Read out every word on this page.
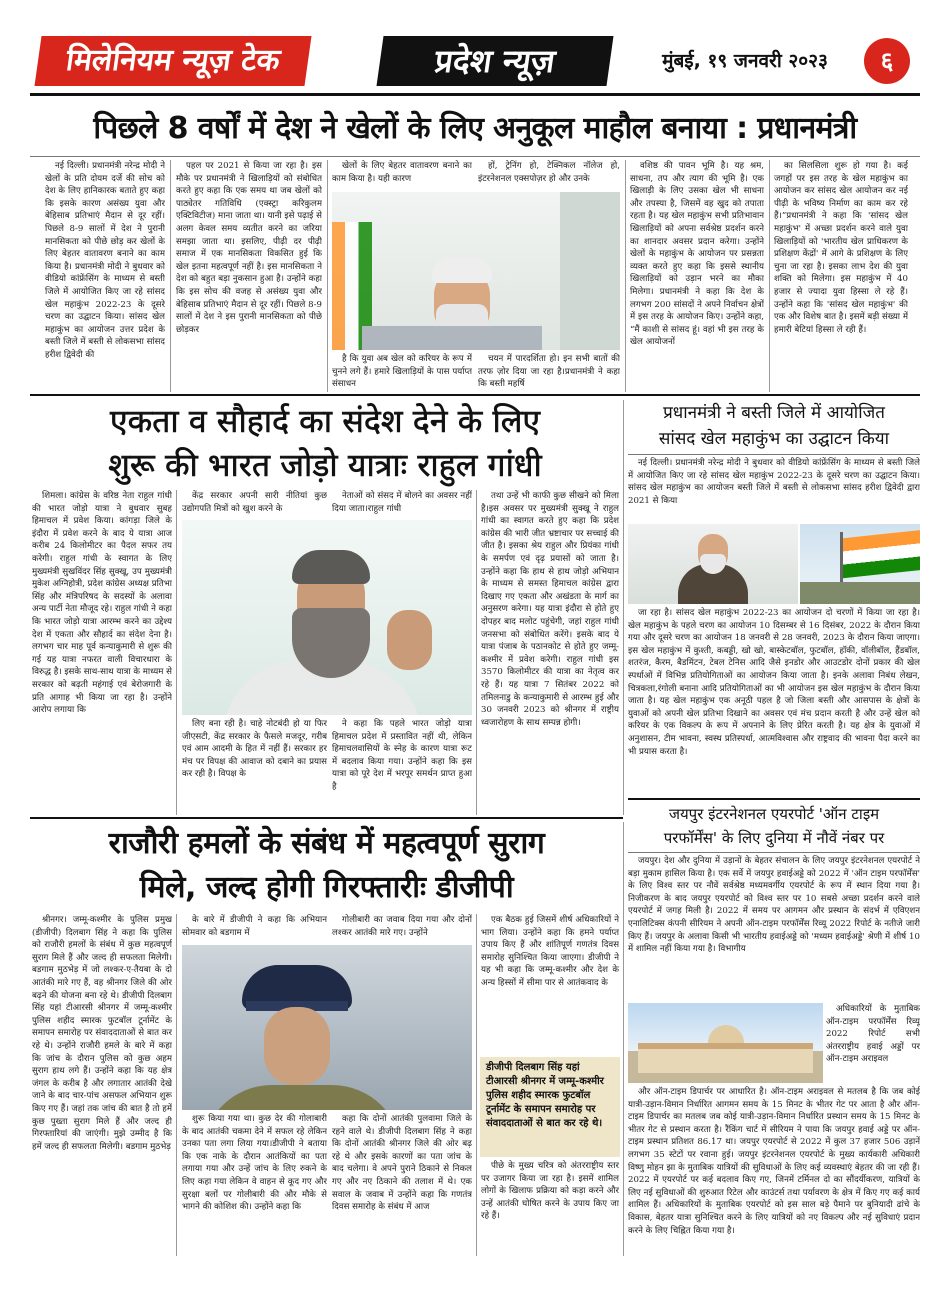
मिलेनियम न्यूज़ टेक	प्रदेश न्यूज़	मुंबई, १९ जनवरी २०२३	६
पिछले 8 वर्षों में देश ने खेलों के लिए अनुकूल माहौल बनाया : प्रधानमंत्री

नई दिल्ली। प्रधानमंत्री नरेन्द्र मोदी ने खेलों के प्रति दोयम दर्जे की सोच को देश के लिए हानिकारक बताते हुए कहा कि इसके कारण असंख्य युवा और बेहिसाब प्रतिभाएं मैदान से दूर रहीं। पिछले 8-9 सालों में देश ने पुरानी मानसिकता को पीछे छोड़ कर खेलों के लिए बेहतर वातावरण बनाने का काम किया है। प्रधानमंत्री मोदी ने बुधवार को वीडियो कांफ्रेंसिंग के माध्यम से बस्ती जिले में आयोजित किए जा रहे सांसद खेल महाकुंभ 2022-23 के दूसरे चरण का उद्घाटन किया। सांसद खेल महाकुंभ का आयोजन उत्तर प्रदेश के बस्ती जिले में बस्ती से लोकसभा सांसद हरीश द्विवेदी की

पहल पर 2021 से किया जा रहा है। इस मौके पर प्रधानमंत्री ने खिलाड़ियों को संबोधित करते हुए कहा कि एक समय था जब खेलों को पाठ्येतर गतिविधि (एक्स्ट्रा करिकुलम एक्टिविटीज) माना जाता था। यानी इसे पढ़ाई से अलग केवल समय व्यतीत करने का जरिया समझा जाता था। इसलिए, पीढ़ी दर पीढ़ी समाज में एक मानसिकता विकसित हुई कि खेल इतना महत्वपूर्ण नहीं है। इस मानसिकता ने देश को बहुत बड़ा नुकसान हुआ है। उन्होंने कहा कि इस सोच की वजह से असंख्य युवा और बेहिसाब प्रतिभाएं मैदान से दूर रहीं। पिछले 8-9 सालों में देश ने इस पुरानी मानसिकता को पीछे छोड़कर

खेलों के लिए बेहतर वातावरण बनाने का काम किया है। यही कारण

हों, ट्रेनिंग हो, टेक्निकल नॉलेज हो, इंटरनेशनल एक्सपोज़र हो और उनके

है कि युवा अब खेल को करियर के रूप में चुनने लगे हैं। हमारे खिलाड़ियों के पास पर्याप्त संसाधन

चयन में पारदर्शिता हो। इन सभी बातों की तरफ ज़ोर दिया जा रहा है।प्रधानमंत्री ने कहा कि बस्ती महर्षि

वशिष्ठ की पावन भूमि है। यह श्रम, साधना, तप और त्याग की भूमि है। एक खिलाड़ी के लिए उसका खेल भी साधना और तपस्या है, जिसमें वह खुद को तपाता रहता है। यह खेल महाकुंभ सभी प्रतिभावान खिलाड़ियों को अपना सर्वश्रेष्ठ प्रदर्शन करने का शानदार अवसर प्रदान करेगा। उन्होंने खेलों के महाकुंभ के आयोजन पर प्रसन्नता व्यक्त करते हुए कहा कि इससे स्थानीय खिलाड़ियों को उड़ान भरने का मौका मिलेगा। प्रधानमंत्री ने कहा कि देश के लगभग 200 सांसदों ने अपने निर्वाचन क्षेत्रों में इस तरह के आयोजन किए। उन्होंने कहा, “मैं काशी से सांसद हूं। वहां भी इस तरह के खेल आयोजनों

का सिलसिला शुरू हो गया है। कई जगहों पर इस तरह के खेल महाकुंभ का आयोजन कर सांसद खेल आयोजन कर नई पीढ़ी के भविष्य निर्माण का काम कर रहे हैं।”प्रधानमंत्री ने कहा कि 'सांसद खेल महाकुंभ' में अच्छा प्रदर्शन करने वाले युवा खिलाड़ियों को 'भारतीय खेल प्राधिकरण के प्रशिक्षण केंद्रों' में आगे के प्रशिक्षण के लिए चुना जा रहा है। इसका लाभ देश की युवा शक्ति को मिलेगा। इस महाकुंभ में 40 हजार से ज्यादा युवा हिस्सा ले रहे हैं। उन्होंने कहा कि 'सांसद खेल महाकुंभ' की एक और विशेष बात है। इसमें बड़ी संख्या में हमारी बेटियां हिस्सा ले रही हैं।

एकता व सौहार्द का संदेश देने के लिए
शुरू की भारत जोड़ो यात्राः राहुल गांधी

शिमला। कांग्रेस के वरिष्ठ नेता राहुल गांधी की भारत जोड़ो यात्रा ने बुधवार सुबह हिमाचल में प्रवेश किया। कांगड़ा जिले के इंदौरा में प्रवेश करने के बाद ये यात्रा आज करीब 24 किलोमीटर का पैदल सफर तय करेगी। राहुल गांधी के स्वागत के लिए मुख्यमंत्री सुखविंदर सिंह सुक्खू, उप मुख्यमंत्री मुकेश अग्निहोत्री, प्रदेश कांग्रेस अध्यक्ष प्रतिभा सिंह और मंत्रिपरिषद के सदस्यों के अलावा अन्य पार्टी नेता मौजूद रहे। राहुल गांधी ने कहा कि भारत जोड़ो यात्रा आरम्भ करने का उद्देश्य देश में एकता और सौहार्द का संदेश देना है। लगभग चार माह पूर्व कन्याकुमारी से शुरू की गई यह यात्रा नफरत वाली विचारधारा के विरुद्ध है। इसके साथ-साथ यात्रा के माध्यम से सरकार को बढ़ती महंगाई एवं बेरोजगारी के प्रति आगाह भी किया जा रहा है। उन्होंने आरोप लगाया कि

केंद्र सरकार अपनी सारी नीतियां कुछ उद्योगपति मित्रों को खुश करने के

नेताओं को संसद में बोलने का अवसर नहीं दिया जाता।राहुल गांधी

लिए बना रही है। चाहे नोटबंदी हो या फिर जीएसटी, केंद्र सरकार के फैसले मजदूर, गरीब एवं आम आदमी के हित में नहीं हैं। सरकार हर मंच पर विपक्ष की आवाज को दबाने का प्रयास कर रही है। विपक्ष के

ने कहा कि पहले भारत जोड़ो यात्रा हिमाचल प्रदेश में प्रस्तावित नहीं थी, लेकिन हिमाचलवासियों के स्नेह के कारण यात्रा रूट में बदलाव किया गया। उन्होंने कहा कि इस यात्रा को पूरे देश में भरपूर समर्थन प्राप्त हुआ है

तथा उन्हें भी काफी कुछ सीखने को मिला है।इस अवसर पर मुख्यमंत्री सुक्खू ने राहुल गांधी का स्वागत करते हुए कहा कि प्रदेश कांग्रेस की भारी जीत भ्रष्टाचार पर सच्चाई की जीत है। इसका श्रेय राहुल और प्रियंका गांधी के समर्पण एवं दृढ़ प्रयासों को जाता है। उन्होंने कहा कि हाथ से हाथ जोड़ो अभियान के माध्यम से समस्त हिमाचल कांग्रेस द्वारा दिखाए गए एकता और अखंडता के मार्ग का अनुसरण करेगा। यह यात्रा इंदौरा से होते हुए दोपहर बाद मलोट पहुंचेगी, जहां राहुल गांधी जनसभा को संबोधित करेंगे। इसके बाद ये यात्रा पंजाब के पठानकोट से होते हुए जम्मू-कश्मीर में प्रवेश करेगी। राहुल गांधी इस 3570 किलोमीटर की यात्रा का नेतृत्व कर रहे हैं। यह यात्रा 7 सितंबर 2022 को तमिलनाडु के कन्याकुमारी से आरम्भ हुई और 30 जनवरी 2023 को श्रीनगर में राष्ट्रीय ध्वजारोहण के साथ सम्पन्न होगी।

प्रधानमंत्री ने बस्ती जिले में आयोजित
सांसद खेल महाकुंभ का उद्घाटन किया

नई दिल्ली। प्रधानमंत्री नरेन्द्र मोदी ने बुधवार को वीडियो कांफ्रेंसिंग के माध्यम से बस्ती जिले में आयोजित किए जा रहे सांसद खेल महाकुंभ 2022-23 के दूसरे चरण का उद्घाटन किया। सांसद खेल महाकुंभ का आयोजन बस्ती जिले में बस्ती से लोकसभा सांसद हरीश द्विवेदी द्वारा 2021 से किया

जा रहा है। सांसद खेल महाकुंभ 2022-23 का आयोजन दो चरणों में किया जा रहा है। खेल महाकुंभ के पहले चरण का आयोजन 10 दिसम्बर से 16 दिसंबर, 2022 के दौरान किया गया और दूसरे चरण का आयोजन 18 जनवरी से 28 जनवरी, 2023 के दौरान किया जाएगा। इस खेल महाकुंभ में कुश्ती, कबड्डी, खो खो, बास्केटबॉल, फुटबॉल, हॉकी, वॉलीबॉल, हैंडबॉल, शतरंज, कैरम, बैडमिंटन, टेबल टेनिस आदि जैसे इनडोर और आउटडोर दोनों प्रकार की खेल स्पर्धाओं में विभिन्न प्रतियोगिताओं का आयोजन किया जाता है। इनके अलावा निबंध लेखन, चित्रकला,रंगोली बनाना आदि प्रतियोगिताओं का भी आयोजन इस खेल महाकुंभ के दौरान किया जाता है। यह खेल महाकुंभ एक अनूठी पहल है जो जिला बस्ती और आसपास के क्षेत्रों के युवाओं को अपनी खेल प्रतिभा दिखाने का अवसर एवं मंच प्रदान करती है और उन्हें खेल को करियर के एक विकल्प के रूप में अपनाने के लिए प्रेरित करती है। यह क्षेत्र के युवाओं में अनुशासन, टीम भावना, स्वस्थ प्रतिस्पर्धा, आत्मविश्वास और राष्ट्रवाद की भावना पैदा करने का भी प्रयास करता है।

जयपुर इंटरनेशनल एयरपोर्ट 'ऑन टाइम
परफॉर्मेंस' के लिए दुनिया में नौवें नंबर पर

जयपुर। देश और दुनिया में उड़ानों के बेहतर संचालन के लिए जयपुर इंटरनेशनल एयरपोर्ट ने बड़ा मुकाम हासिल किया है। एक सर्वे में जयपुर हवाईअड्डे को 2022 में 'ऑन टाइम परफॉर्मेंस' के लिए विश्व स्तर पर नौवें सर्वश्रेष्ठ मध्यमवर्गीय एयरपोर्ट के रूप में स्थान दिया गया है। निजीकरण के बाद जयपुर एयरपोर्ट को विश्व स्तर पर 10 सबसे अच्छा प्रदर्शन करने वाले एयरपोर्ट में जगह मिली है। 2022 में समय पर आगमन और प्रस्थान के संदर्भ में एविएशन एनालिटिक्स कंपनी सीरियम ने अपनी ऑन-टाइम परफॉर्मेंस रिव्यू 2022 रिपोर्ट के नतीजे जारी किए हैं। जयपुर के अलावा किसी भी भारतीय हवाईअड्डे को 'मध्यम हवाईअड्डे' श्रेणी में शीर्ष 10 में शामिल नहीं किया गया है। विभागीय

अधिकारियों के मुताबिक ऑन-टाइम परफॉर्मेंस रिव्यू 2022 रिपोर्ट सभी अंतरराष्ट्रीय हवाई अड्डों पर ऑन-टाइम अराइवल

और ऑन-टाइम डिपार्चर पर आधारित है। ऑन-टाइम अराइवल से मतलब है कि जब कोई यात्री-उड़ान-विमान निर्धारित आगमन समय के 15 मिनट के भीतर गेट पर आता है और ऑन-टाइम डिपार्चर का मतलब जब कोई यात्री-उड़ान-विमान निर्धारित प्रस्थान समय के 15 मिनट के भीतर गेट से प्रस्थान करता है। रैंकिंग चार्ट में सीरियम ने पाया कि जयपुर हवाई अड्डे पर ऑन-टाइम प्रस्थान प्रतिशत 86.17 था। जयपुर एयरपोर्ट से 2022 में कुल 37 हजार 506 उड़ानें लगभग 35 स्टेटों पर रवाना हुई। जयपुर इंटरनेशनल एयरपोर्ट के मुख्य कार्यकारी अधिकारी विष्णु मोहन झा के मुताबिक यात्रियों की सुविधाओं के लिए कई व्यवस्थाएं बेहतर की जा रही हैं। 2022 में एयरपोर्ट पर कई बदलाव किए गए, जिनमें टर्मिनल दो का सौंदर्यीकरण, यात्रियों के लिए नई सुविधाओं की शुरुआत रिटेल और काउंटर्स तथा पर्यावरण के क्षेत्र में किए गए कई कार्य शामिल हैं। अधिकारियों के मुताबिक एयरपोर्ट को इस साल बड़े पैमाने पर बुनियादी ढांचे के विकास, बेहतर यात्रा सुनिश्चित करने के लिए यात्रियों को नए विकल्प और नई सुविधाएं प्रदान करने के लिए चिह्नित किया गया है।

राजौरी हमलों के संबंध में महत्वपूर्ण सुराग
मिले, जल्द होगी गिरफ्तारीः डीजीपी

श्रीनगर। जम्मू-कश्मीर के पुलिस प्रमुख (डीजीपी) दिलबाग सिंह ने कहा कि पुलिस को राजौरी हमलों के संबंध में कुछ महत्वपूर्ण सुराग मिले हैं और जल्द ही सफलता मिलेगी। बडगाम मुठभेड़ में जो लश्कर-ए-तैयबा के दो आतंकी मारे गए हैं, वह श्रीनगर जिले की ओर बढ़ने की योजना बना रहे थे। डीजीपी दिलबाग सिंह यहां टीआरसी श्रीनगर में जम्मू-कश्मीर पुलिस शहीद स्मारक फुटबॉल टूर्नामेंट के समापन समारोह पर संवाददाताओं से बात कर रहे थे। उन्होंने राजौरी हमले के बारे में कहा कि जांच के दौरान पुलिस को कुछ अहम सुराग हाथ लगे हैं। उन्होंने कहा कि यह क्षेत्र जंगल के करीब है और लगातार आतंकी देखे जाने के बाद चार-पांच असफल अभियान शुरू किए गए हैं। जहां तक जांच की बात है तो हमें कुछ पुख्ता सुराग मिले हैं और जल्द ही गिरफ्तारियां की जाएंगी। मुझे उम्मीद है कि हमें जल्द ही सफलता मिलेगी। बडगाम मुठभेड़

के बारे में डीजीपी ने कहा कि अभियान सोमवार को बडगाम में

गोलीबारी का जवाब दिया गया और दोनों लश्कर आतंकी मारे गए। उन्होंने

शुरू किया गया था। कुछ देर की गोलाबारी के बाद आतंकी चकमा देने में सफल रहे लेकिन उनका पता लगा लिया गया।डीजीपी ने बताया कि एक नाके के दौरान आतंकियों का पता लगाया गया और उन्हें जांच के लिए रुकने के लिए कहा गया लेकिन वे वाहन से कूद गए और सुरक्षा बलों पर गोलीबारी की और मौके से भागने की कोशिश की। उन्होंने कहा कि

कहा कि दोनों आतंकी पुलवामा जिले के रहने वाले थे। डीजीपी दिलबाग सिंह ने कहा कि दोनों आतंकी श्रीनगर जिले की ओर बढ़ रहे थे और इसके कारणों का पता जांच के बाद चलेगा। वे अपने पुराने ठिकाने से निकल गए और नए ठिकाने की तलाश में थे। एक सवाल के जवाब में उन्होंने कहा कि गणतंत्र दिवस समारोह के संबंध में आज

एक बैठक हुई जिसमें शीर्ष अधिकारियों ने भाग लिया। उन्होंने कहा कि हमने पर्याप्त उपाय किए हैं और शांतिपूर्ण गणतंत्र दिवस समारोह सुनिश्चित किया जाएगा। डीजीपी ने यह भी कहा कि जम्मू-कश्मीर और देश के अन्य हिस्सों में सीमा पार से आतंकवाद के

डीजीपी दिलबाग सिंह यहां टीआरसी श्रीनगर में जम्मू-कश्मीर पुलिस शहीद स्मारक फुटबॉल टूर्नामेंट के समापन समारोह पर संवाददाताओं से बात कर रहे थे।

पीछे के मुख्य चरित्र को अंतरराष्ट्रीय स्तर पर उजागर किया जा रहा है। इसमें शामिल लोगों के खिलाफ प्रक्रिया को कड़ा करने और उन्हें आतंकी घोषित करने के उपाय किए जा रहे हैं।
